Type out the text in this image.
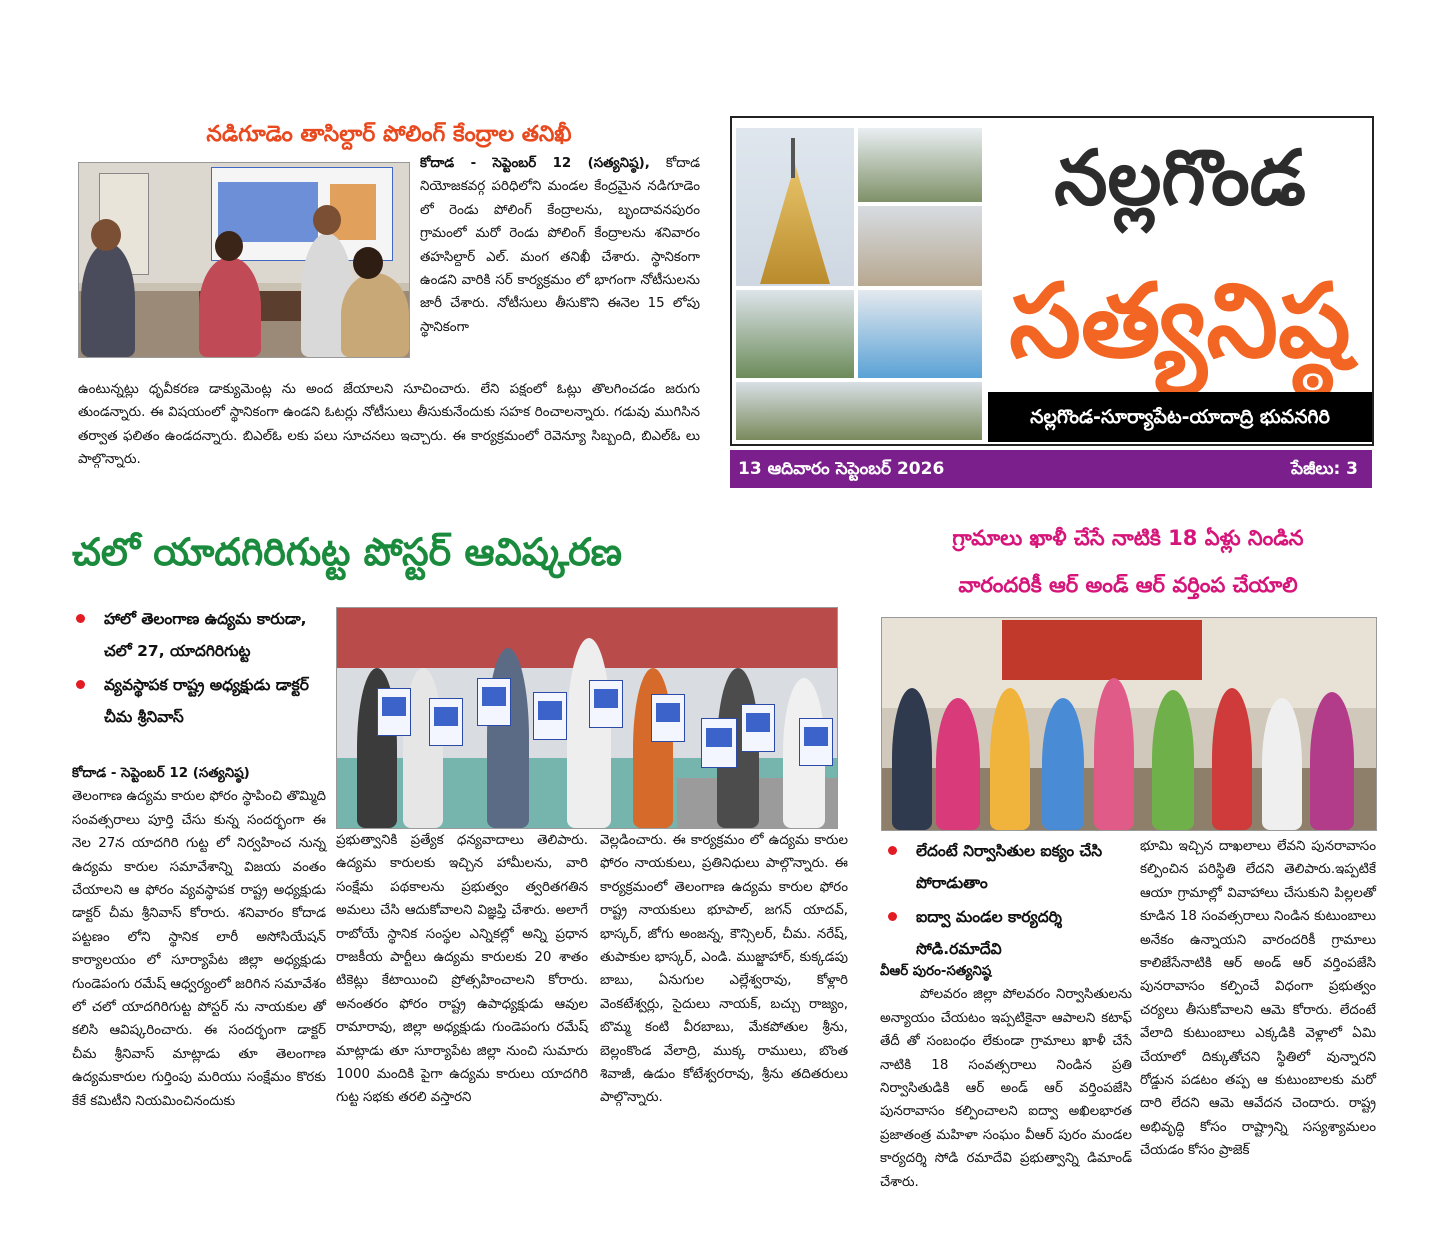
నడిగూడెం తాసిల్దార్ పోలింగ్ కేంద్రాల తనిఖీ

కోదాడ - సెప్టెంబర్ 12 (సత్యనిష్ఠ), కోదాడ నియోజకవర్గ పరిధిలోని మండల కేంద్రమైన నడిగూడెం లో రెండు పోలింగ్ కేంద్రాలను, బృందావనపురం గ్రామంలో మరో రెండు పోలింగ్ కేంద్రాలను శనివారం తహసిల్దార్ ఎల్. మంగ తనిఖీ చేశారు. స్థానికంగా ఉండని వారికి సర్ కార్యక్రమం లో భాగంగా నోటీసులను జారీ చేశారు. నోటీసులు తీసుకొని ఈనెల 15 లోపు స్థానికంగా

ఉంటున్నట్లు ధృవీకరణ డాక్యుమెంట్ల ను అంద జేయాలని సూచించారు. లేని పక్షంలో ఓట్లు తొలగించడం జరుగు తుండన్నారు. ఈ విషయంలో స్థానికంగా ఉండని ఓటర్లు నోటీసులు తీసుకునేందుకు సహక రించాలన్నారు. గడువు ముగిసిన తర్వాత ఫలితం ఉండదన్నారు. బిఎల్ఓ లకు పలు సూచనలు ఇచ్చారు. ఈ కార్యక్రమంలో రెవెన్యూ సిబ్బంది, బిఎల్ఓ లు పాల్గొన్నారు.

నల్లగొండ
సత్యనిష్ఠ
నల్లగొండ-సూర్యాపేట-యాదాద్రి భువనగిరి
13 ఆదివారం సెప్టెంబర్ 2026	పేజీలు: 3
చలో యాదగిరిగుట్ట పోస్టర్ ఆవిష్కరణ

హాలో తెలంగాణ ఉద్యమ కారుడా, చలో 27, యాదగిరిగుట్ట

వ్యవస్థాపక రాష్ట్ర అధ్యక్షుడు డాక్టర్ చీమ శ్రీనివాస్

కోదాడ - సెప్టెంబర్ 12 (సత్యనిష్ఠ)

తెలంగాణ ఉద్యమ కారుల ఫోరం స్థాపించి తొమ్మిది సంవత్సరాలు పూర్తి చేసు కున్న సందర్భంగా ఈ నెల 27న యాదగిరి గుట్ట లో నిర్వహించ నున్న ఉద్యమ కారుల సమావేశాన్ని విజయ వంతం చేయాలని ఆ ఫోరం వ్యవస్థాపక రాష్ట్ర అధ్యక్షుడు డాక్టర్ చీమ శ్రీనివాస్ కోరారు. శనివారం కోదాడ పట్టణం లోని స్థానిక లారీ అసోసియేషన్ కార్యాలయం లో సూర్యాపేట జిల్లా అధ్యక్షుడు గుండెపంగు రమేష్ ఆధ్వర్యంలో జరిగిన సమావేశం లో చలో యాదగిరిగుట్ట పోస్టర్ ను నాయకుల తో కలిసి ఆవిష్కరించారు. ఈ సందర్భంగా డాక్టర్ చీమ శ్రీనివాస్ మాట్లాడు తూ తెలంగాణ ఉద్యమకారుల గుర్తింపు మరియు సంక్షేమం కొరకు కేకే కమిటీని నియమించినందుకు

ప్రభుత్వానికి ప్రత్యేక ధన్యవాదాలు తెలిపారు. ఉద్యమ కారులకు ఇచ్చిన హామీలను, వారి సంక్షేమ పథకాలను ప్రభుత్వం త్వరితగతిన అమలు చేసి ఆదుకోవాలని విజ్ఞప్తి చేశారు. అలాగే రాబోయే స్థానిక సంస్థల ఎన్నికల్లో అన్ని ప్రధాన రాజకీయ పార్టీలు ఉద్యమ కారులకు 20 శాతం టికెట్లు కేటాయించి ప్రోత్సహించాలని కోరారు. అనంతరం ఫోరం రాష్ట్ర ఉపాధ్యక్షుడు ఆవుల రామారావు, జిల్లా అధ్యక్షుడు గుండెపంగు రమేష్ మాట్లాడు తూ సూర్యాపేట జిల్లా నుంచి సుమారు 1000 మందికి పైగా ఉద్యమ కారులు యాదగిరి గుట్ట సభకు తరలి వస్తారని

వెల్లడించారు. ఈ కార్యక్రమం లో ఉద్యమ కారుల ఫోరం నాయకులు, ప్రతినిధులు పాల్గొన్నారు. ఈ కార్యక్రమంలో తెలంగాణ ఉద్యమ కారుల ఫోరం రాష్ట్ర నాయకులు భూపాల్, జగన్ యాదవ్, భాస్కర్, జోగు అంజన్న, కౌన్సిలర్, చీమ. నరేష్, తుపాకుల భాస్కర్, ఎండి. ముజ్జాహార్, కుక్కడపు బాబు, ఏనుగుల ఎల్లేశ్వరావు, కోళ్లారి వెంకటేశ్వర్లు, సైదులు నాయక్, బచ్చు రాజ్యం, బొమ్మ కంటి వీరబాబు, మేకపోతుల శ్రీను, బెల్లంకొండ వేలాద్రి, ముక్క రాములు, బొంత శివాజీ, ఉడుం కోటేశ్వరరావు, శ్రీను తదితరులు పాల్గొన్నారు.

గ్రామాలు ఖాళీ చేసే నాటికి 18 ఏళ్లు నిండిన
వారందరికీ ఆర్ అండ్ ఆర్ వర్తింప చేయాలి

లేదంటే నిర్వాసితుల ఐక్యం చేసి పోరాడుతాం

ఐద్వా మండల కార్యదర్శి సోడి.రమాదేవి

వీఆర్ పురం-సత్యనిష్ఠ

పోలవరం జిల్లా పోలవరం నిర్వాసితులను అన్యాయం చేయటం ఇప్పటికైనా ఆపాలని కటాఫ్ తేదీ తో సంబంధం లేకుండా గ్రామాలు ఖాళీ చేసే నాటికి 18 సంవత్సరాలు నిండిన ప్రతి నిర్వాసితుడికి ఆర్ అండ్ ఆర్ వర్తింపజేసి పునరావాసం కల్పించాలని ఐద్వా అఖిలభారత ప్రజాతంత్ర మహిళా సంఘం వీఆర్ పురం మండల కార్యదర్శి సోడి రమాదేవి ప్రభుత్వాన్ని డిమాండ్ చేశారు.

భూమి ఇచ్చిన దాఖలాలు లేవని పునరావాసం కల్పించిన పరిస్థితి లేదని తెలిపారు.ఇప్పటికే ఆయా గ్రామాల్లో వివాహాలు చేసుకుని పిల్లలతో కూడిన 18 సంవత్సరాలు నిండిన కుటుంబాలు అనేకం ఉన్నాయని వారందరికీ గ్రామాలు కాలిజేసేనాటికి ఆర్ అండ్ ఆర్ వర్తింపజేసి పునరావాసం కల్పించే విధంగా ప్రభుత్వం చర్యలు తీసుకోవాలని ఆమె కోరారు. లేదంటే వేలాది కుటుంబాలు ఎక్కడికి వెళ్లాలో ఏమి చేయాలో దిక్కుతోచని స్థితిలో వున్నారని రోడ్డున పడటం తప్ప ఆ కుటుంబాలకు మరో దారి లేదని ఆమె ఆవేదన చెందారు. రాష్ట్ర అభివృద్ధి కోసం రాష్ట్రాన్ని సస్యశ్యామలం చేయడం కోసం ప్రాజెక్
